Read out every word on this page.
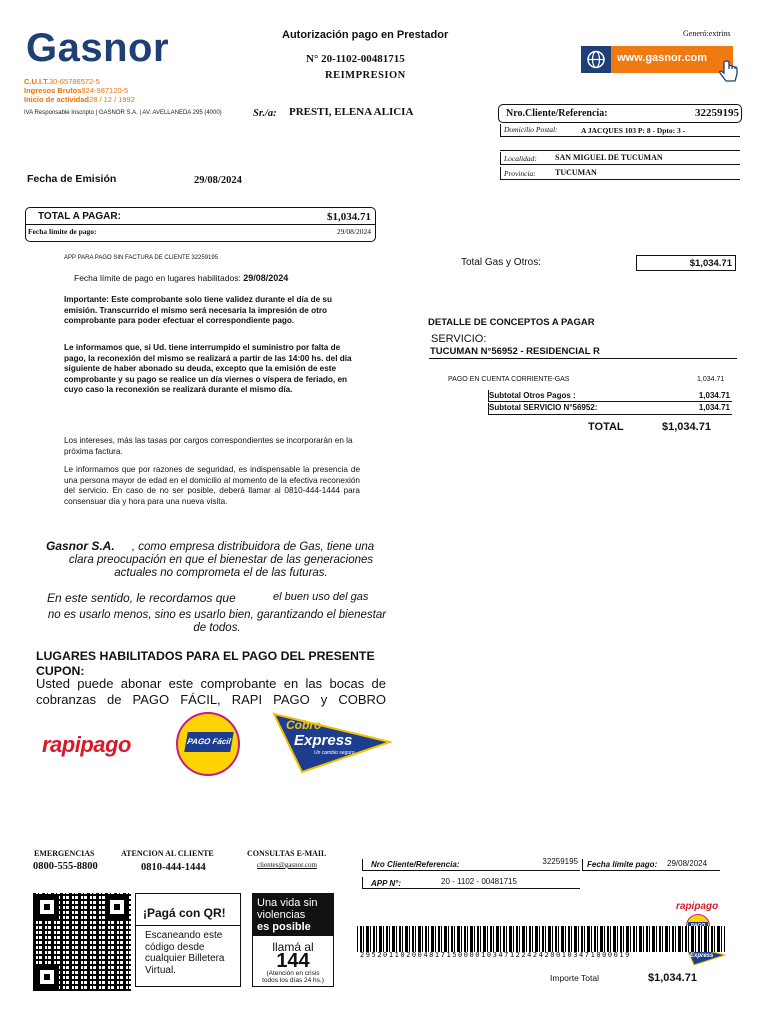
Gasnor
C.U.I.T.30-65786572-5
Ingresos Brutos924-987120-5
Inicio de actividad28 / 12 / 1992
IVA Responsable Inscripto | GASNOR S.A. | AV. AVELLANEDA 295 (4000)
Autorización pago en Prestador
N° 20-1102-00481715
REIMPRESION
Generó:extrins
www.gasnor.com
Sr./a: PRESTI, ELENA ALICIA	Nro.Cliente/Referencia:	32259195
Domicilio Postal:	A JACQUES 103 P: 8 - Dpto: 3 -
Localidad: SAN MIGUEL DE TUCUMAN
Provincia: TUCUMAN
Fecha de Emisión	29/08/2024
TOTAL A PAGAR:	$1,034.71
Fecha límite de pago:	29/08/2024
APP PARA PAGO SIN FACTURA DE CLIENTE 32259195
Fecha límite de pago en lugares habilitados: 29/08/2024
Importante: Este comprobante solo tiene validez durante el día de su emisión. Transcurrido el mismo será necesaria la impresión de otro comprobante para poder efectuar el correspondiente pago.
Le informamos que, si Ud. tiene interrumpido el suministro por falta de pago, la reconexión del mismo se realizará a partir de las 14:00 hs. del día siguiente de haber abonado su deuda, excepto que la emisión de este comprobante y su pago se realice un día viernes o víspera de feriado, en cuyo caso la reconexión se realizará durante el mismo día.
Los intereses, más las tasas por cargos correspondientes se incorporarán en la próxima factura.
Le informamos que por razones de seguridad, es indispensable la presencia de una persona mayor de edad en el domicilio al momento de la efectiva reconexión del servicio. En caso de no ser posible, deberá llamar al 0810-444-1444 para consensuar día y hora para una nueva visita.
Gasnor S.A. , como empresa distribuidora de Gas, tiene una
clara preocupación en que el bienestar de las generaciones
actuales no comprometa el de las futuras.
En este sentido, le recordamos que	el buen uso del gas
no es usarlo menos, sino es usarlo bien, garantizando el bienestar
de todos.
LUGARES HABILITADOS PARA EL PAGO DEL PRESENTE
CUPON:
Usted puede abonar este comprobante en las bocas de
cobranzas de PAGO FÁCIL, RAPI PAGO y COBRO
rapipago	PAGO Fácil
Cobro
Express
Un cambio seguro
Total Gas y Otros:	$1,034.71
DETALLE DE CONCEPTOS A PAGAR
SERVICIO:
TUCUMAN N°56952 - RESIDENCIAL R
PAGO EN CUENTA CORRIENTE-GAS	1,034.71
Subtotal Otros Pagos :	1,034.71
Subtotal SERVICIO N°56952:	1,034.71
TOTAL	$1,034.71
EMERGENCIAS
0800-555-8800
ATENCION AL CLIENTE
0810-444-1444
CONSULTAS E-MAIL
clientes@gasnor.com
¡Pagá con QR!
Escaneando este
código desde
cualquier Billetera
Virtual.
Una vida sin
violencias
es posible
llamá al
144
(Atención en crisis
todos los días 24 hs.)
Nro Cliente/Referencia:	32259195 Fecha límite pago: 29/08/2024
APP N°:	20 - 1102 - 00481715
rapipago
Express
29520110200481715000010347122424200103471000019
Importe Total	$1,034.71
